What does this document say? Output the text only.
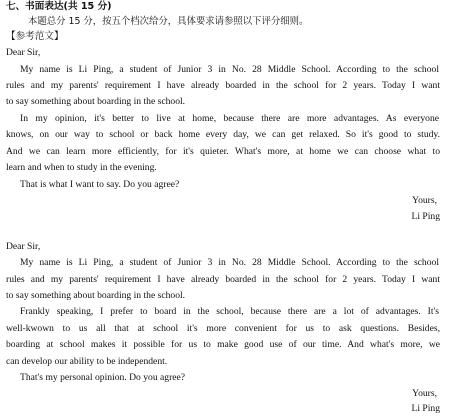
七、书面表达(共 15 分)
本题总分 15 分，按五个档次给分，具体要求请参照以下评分细则。
【参考范文】
Dear Sir,
My name is Li Ping, a student of Junior 3 in No. 28 Middle School. According to the school
rules and my parents' requirement I have already boarded in the school for 2 years. Today I want
to say something about boarding in the school.
In my opinion, it's better to live at home, because there are more advantages. As everyone
knows, on our way to school or back home every day, we can get relaxed. So it's good to study.
And we can learn more efficiently, for it's quieter. What's more, at home we can choose what to
learn and when to study in the evening.
That is what I want to say. Do you agree?
Yours,
Li Ping
Dear Sir,
My name is Li Ping, a student of Junior 3 in No. 28 Middle School. According to the school
rules and my parents' requirement I have already boarded in the school for 2 years. Today I want
to say something about boarding in the school.
Frankly speaking, I prefer to board in the school, because there are a lot of advantages. It's
well-kwown to us all that at school it's more convenient for us to ask questions. Besides,
boarding at school makes it possible for us to make good use of our time. And what's more, we
can develop our ability to be independent.
That's my personal opinion. Do you agree?
Yours,
Li Ping
